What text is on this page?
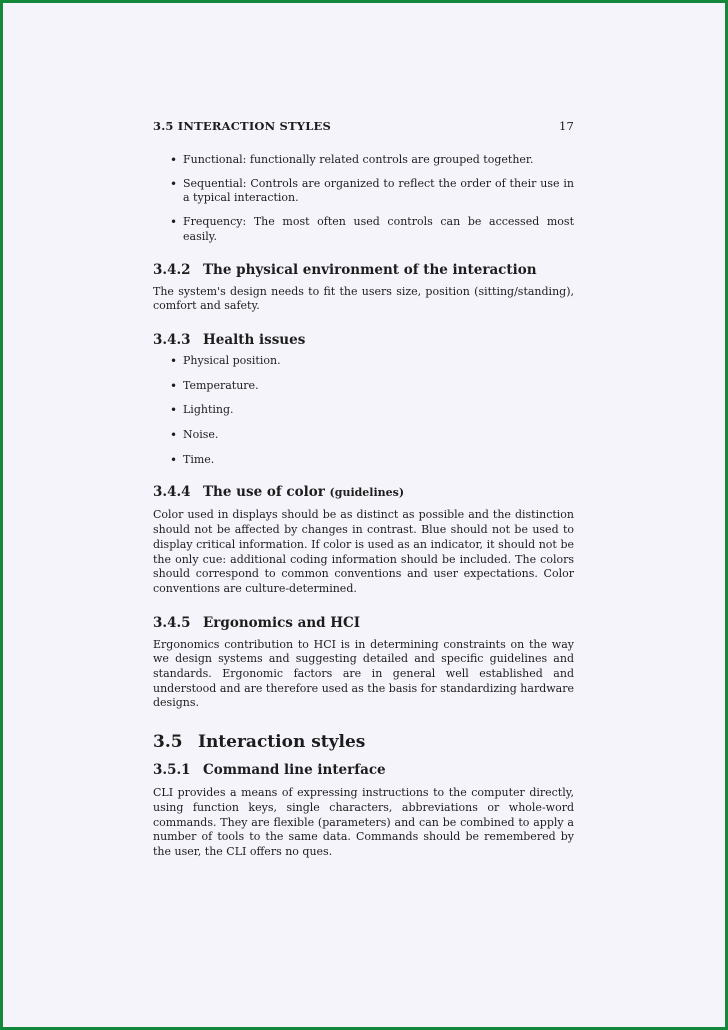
3.5 INTERACTION STYLES	17
• Functional: functionally related controls are grouped together.
• Sequential: Controls are organized to reflect the order of their use in a typical interaction.
• Frequency: The most often used controls can be accessed most easily.
3.4.2 The physical environment of the interaction

The system's design needs to fit the users size, position (sitting/standing), comfort and safety.

3.4.3 Health issues
• Physical position.
• Temperature.
• Lighting.
• Noise.
• Time.
3.4.4 The use of color (guidelines)

Color used in displays should be as distinct as possible and the distinction should not be affected by changes in contrast. Blue should not be used to display critical information. If color is used as an indicator, it should not be the only cue: additional coding information should be included. The colors should correspond to common conventions and user expectations. Color conventions are culture-determined.

3.4.5 Ergonomics and HCI

Ergonomics contribution to HCI is in determining constraints on the way we design systems and suggesting detailed and specific guidelines and standards. Ergonomic factors are in general well established and understood and are therefore used as the basis for standardizing hardware designs.

3.5 Interaction styles
3.5.1 Command line interface

CLI provides a means of expressing instructions to the computer directly, using function keys, single characters, abbreviations or whole-word commands. They are flexible (parameters) and can be combined to apply a number of tools to the same data. Commands should be remembered by the user, the CLI offers no ques.
